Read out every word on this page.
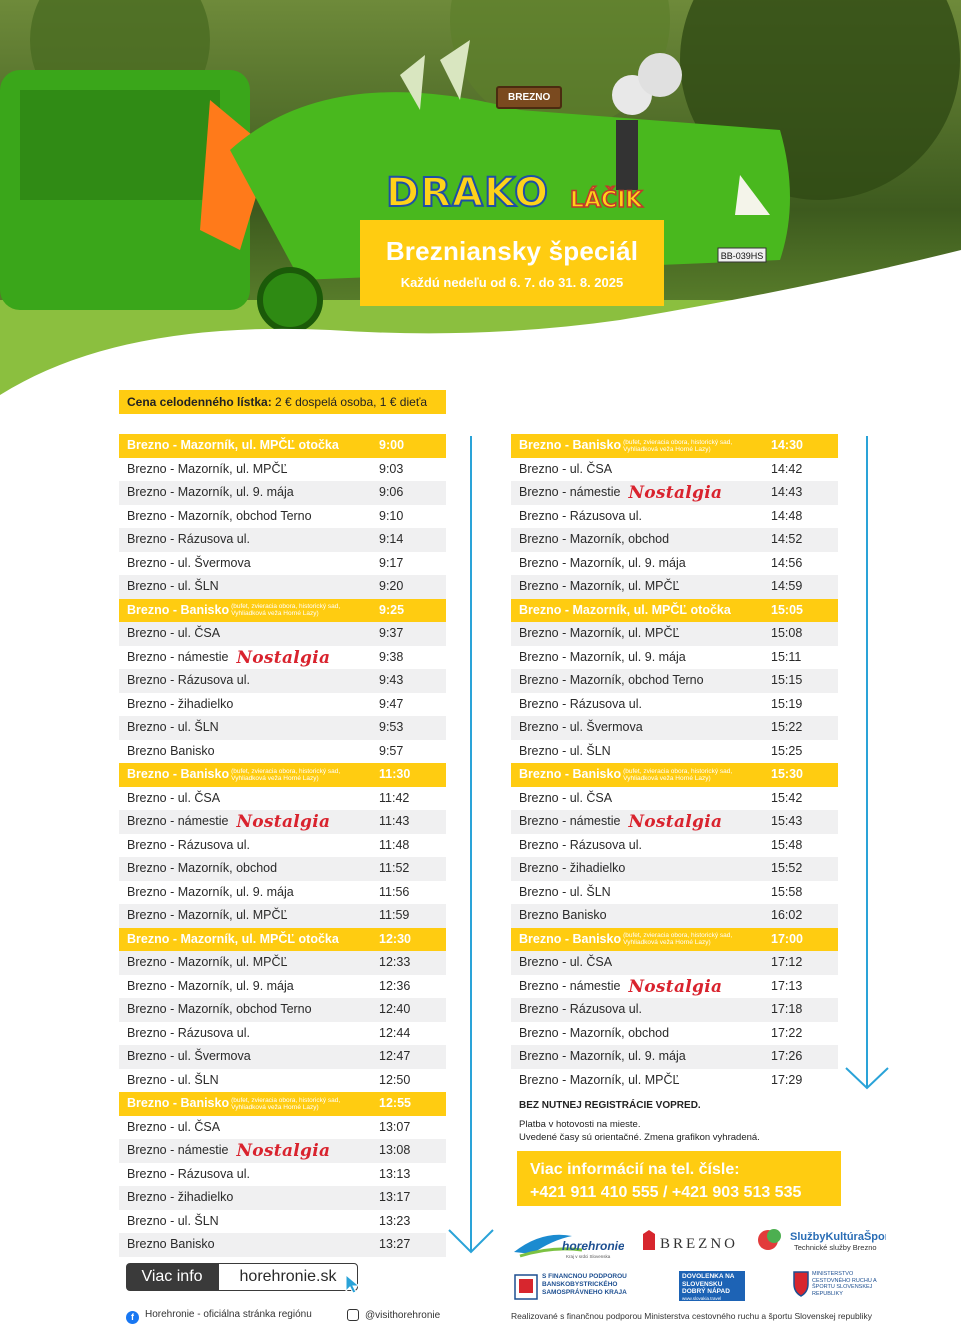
BB-039HS
BREZNO
DRAKO LÁČIK
Brezniansky špeciál
Každú nedeľu od 6. 7. do 31. 8. 2025
Cena celodenného lístka: 2 € dospelá osoba, 1 € dieťa
Brezno - Mazorník, ul. MPČĽ otočka	9:00
Brezno - Mazorník, ul. MPČĽ	9:03
Brezno - Mazorník, ul. 9. mája	9:06
Brezno - Mazorník, obchod Terno	9:10
Brezno - Rázusova ul.	9:14
Brezno - ul. Švermova	9:17
Brezno - ul. ŠLN	9:20
Brezno - Banisko (bufet, zvieracia obora, historický sad, Vyhliadková veža Horné Lazy)	9:25
Brezno - ul. ČSA	9:37
Brezno - námestie Nostalgia	9:38
Brezno - Rázusova ul.	9:43
Brezno - žihadielko	9:47
Brezno - ul. ŠLN	9:53
Brezno Banisko	9:57
Brezno - Banisko (bufet, zvieracia obora, historický sad, Vyhliadková veža Horné Lazy)	11:30
Brezno - ul. ČSA	11:42
Brezno - námestie Nostalgia	11:43
Brezno - Rázusova ul.	11:48
Brezno - Mazorník, obchod	11:52
Brezno - Mazorník, ul. 9. mája	11:56
Brezno - Mazorník, ul. MPČĽ	11:59
Brezno - Mazorník, ul. MPČĽ otočka	12:30
Brezno - Mazorník, ul. MPČĽ	12:33
Brezno - Mazorník, ul. 9. mája	12:36
Brezno - Mazorník, obchod Terno	12:40
Brezno - Rázusova ul.	12:44
Brezno - ul. Švermova	12:47
Brezno - ul. ŠLN	12:50
Brezno - Banisko (bufet, zvieracia obora, historický sad, Vyhliadková veža Horné Lazy)	12:55
Brezno - ul. ČSA	13:07
Brezno - námestie Nostalgia	13:08
Brezno - Rázusova ul.	13:13
Brezno - žihadielko	13:17
Brezno - ul. ŠLN	13:23
Brezno Banisko	13:27
Brezno - Banisko (bufet, zvieracia obora, historický sad, Vyhliadková veža Horné Lazy)	14:30
Brezno - ul. ČSA	14:42
Brezno - námestie Nostalgia	14:43
Brezno - Rázusova ul.	14:48
Brezno - Mazorník, obchod	14:52
Brezno - Mazorník, ul. 9. mája	14:56
Brezno - Mazorník, ul. MPČĽ	14:59
Brezno - Mazorník, ul. MPČĽ otočka	15:05
Brezno - Mazorník, ul. MPČĽ	15:08
Brezno - Mazorník, ul. 9. mája	15:11
Brezno - Mazorník, obchod Terno	15:15
Brezno - Rázusova ul.	15:19
Brezno - ul. Švermova	15:22
Brezno - ul. ŠLN	15:25
Brezno - Banisko (bufet, zvieracia obora, historický sad, Vyhliadková veža Horné Lazy)	15:30
Brezno - ul. ČSA	15:42
Brezno - námestie Nostalgia	15:43
Brezno - Rázusova ul.	15:48
Brezno - žihadielko	15:52
Brezno - ul. ŠLN	15:58
Brezno Banisko	16:02
Brezno - Banisko (bufet, zvieracia obora, historický sad, Vyhliadková veža Horné Lazy)	17:00
Brezno - ul. ČSA	17:12
Brezno - námestie Nostalgia	17:13
Brezno - Rázusova ul.	17:18
Brezno - Mazorník, obchod	17:22
Brezno - Mazorník, ul. 9. mája	17:26
Brezno - Mazorník, ul. MPČĽ	17:29
BEZ NUTNEJ REGISTRÁCIE VOPRED.
Platba v hotovosti na mieste.
Uvedené časy sú orientačné. Zmena grafikon vyhradená.
Viac informácií na tel. čísle:
+421 911 410 555 / +421 903 513 535
Viac info	horehronie.sk
f Horehronie - oficiálna stránka regiónu	@visithorehronie
horehronie
Kraj v srdci Slovenska
BREZNO	SlužbyKultúraŠport
Technické služby Brezno
S FINANČNOU PODPOROU BANSKOBYSTRICKÉHO SAMOSPRÁVNEHO KRAJA
DOVOLENKA NA SLOVENSKU DOBRÝ NÁPAD
www.slovakia.travel
MINISTERSTVO CESTOVNÉHO RUCHU A ŠPORTU SLOVENSKEJ REPUBLIKY
Realizované s finančnou podporou Ministerstva cestovného ruchu a športu Slovenskej republiky
